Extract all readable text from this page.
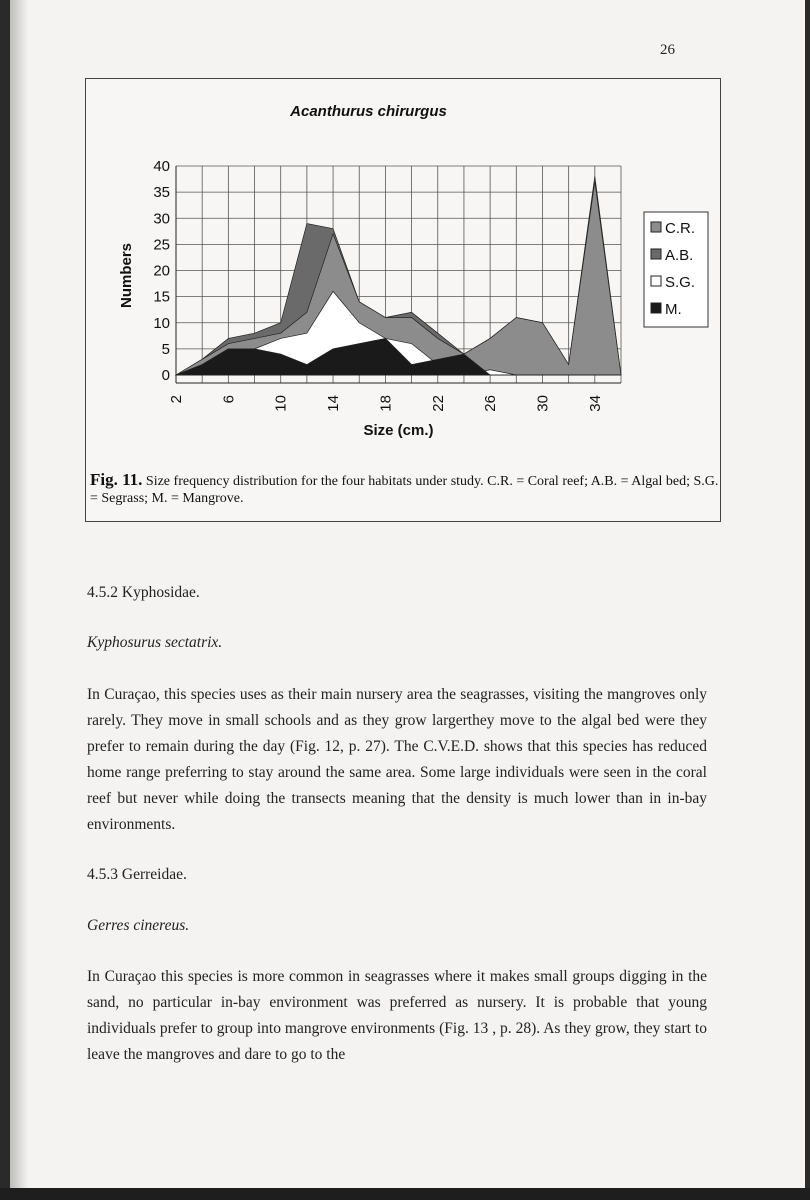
26
Acanthurus chirurgus
0
5
10
15
20
25
30
35
40
2 6 10 14 18 22 26 30 34
Size (cm.)
Numbers
C.R.
A.B.
S.G.
M.
Fig. 11. Size frequency distribution for the four habitats under study. C.R. = Coral reef; A.B. = Algal bed; S.G. = Segrass; M. = Mangrove.
4.5.2 Kyphosidae.
Kyphosurus sectatrix.
In Curaçao, this species uses as their main nursery area the seagrasses, visiting the mangroves only rarely. They move in small schools and as they grow largerthey move to the algal bed were they prefer to remain during the day (Fig. 12, p. 27). The C.V.E.D. shows that this species has reduced home range preferring to stay around the same area. Some large individuals were seen in the coral reef but never while doing the transects meaning that the density is much lower than in in-bay environments.
4.5.3 Gerreidae.
Gerres cinereus.
In Curaçao this species is more common in seagrasses where it makes small groups digging in the sand, no particular in-bay environment was preferred as nursery. It is probable that young individuals prefer to group into mangrove environments (Fig. 13 , p. 28). As they grow, they start to leave the mangroves and dare to go to the
